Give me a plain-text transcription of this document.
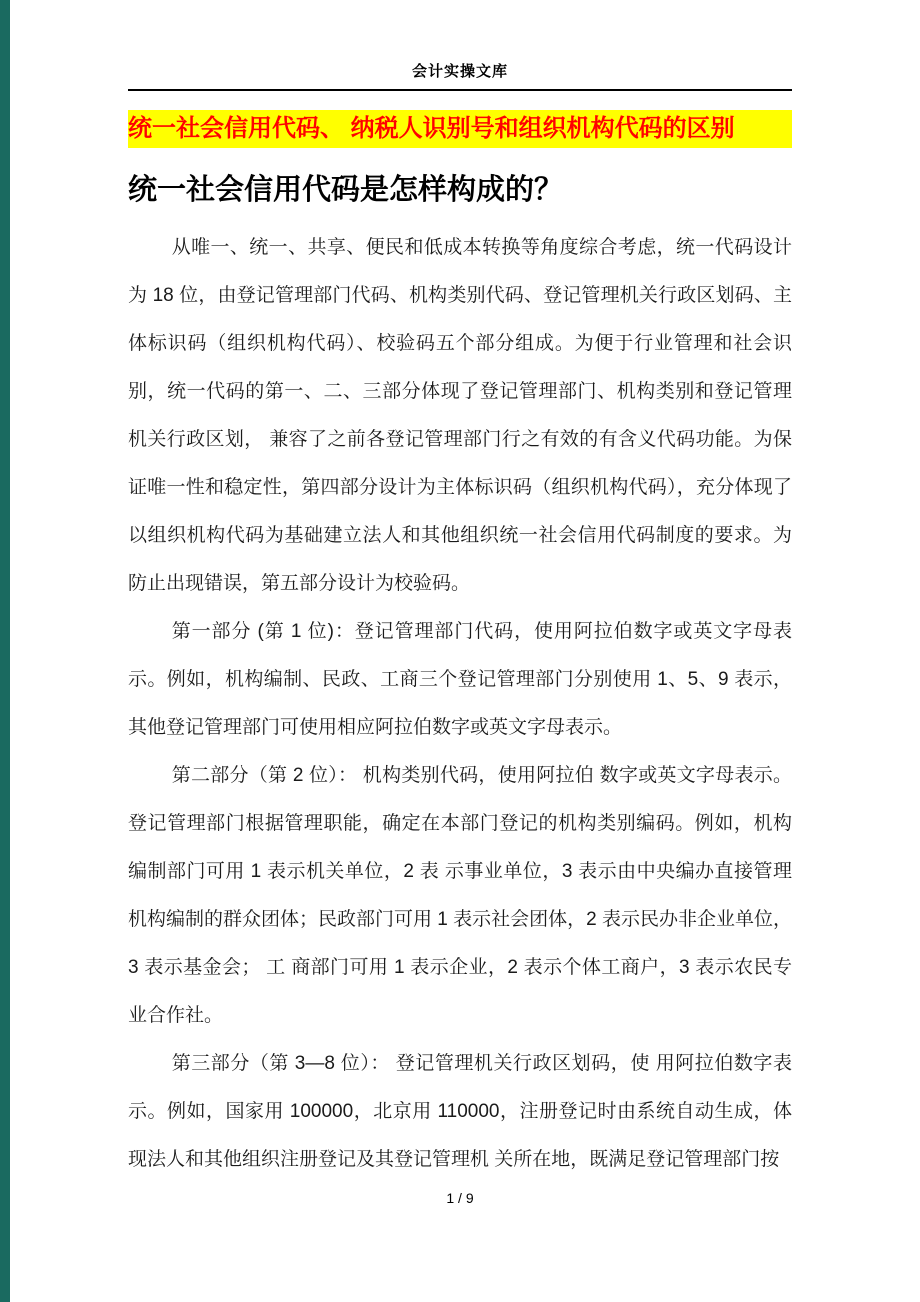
会计实操文库
统一社会信用代码、 纳税人识别号和组织机构代码的区别
统一社会信用代码是怎样构成的？

从唯一、统一、共享、便民和低成本转换等角度综合考虑，统一代码设计为 18 位，由登记管理部门代码、机构类别代码、登记管理机关行政区划码、主体标识码（组织机构代码）、校验码五个部分组成。为便于行业管理和社会识别，统一代码的第一、二、三部分体现了登记管理部门、机构类别和登记管理机关行政区划， 兼容了之前各登记管理部门行之有效的有含义代码功能。为保证唯一性和稳定性，第四部分设计为主体标识码（组织机构代码），充分体现了以组织机构代码为基础建立法人和其他组织统一社会信用代码制度的要求。为防止出现错误，第五部分设计为校验码。

第一部分 (第 1 位)：登记管理部门代码，使用阿拉伯数字或英文字母表示。例如，机构编制、民政、工商三个登记管理部门分别使用 1、5、9 表示，其他登记管理部门可使用相应阿拉伯数字或英文字母表示。

第二部分（第 2 位）： 机构类别代码，使用阿拉伯 数字或英文字母表示。登记管理部门根据管理职能，确定在本部门登记的机构类别编码。例如，机构编制部门可用 1 表示机关单位，2 表 示事业单位，3 表示由中央编办直接管理机构编制的群众团体；民政部门可用 1 表示社会团体，2 表示民办非企业单位，3 表示基金会； 工 商部门可用 1 表示企业，2 表示个体工商户，3 表示农民专业合作社。

第三部分（第 3—8 位）： 登记管理机关行政区划码，使 用阿拉伯数字表示。例如，国家用 100000，北京用 110000，注册登记时由系统自动生成，体现法人和其他组织注册登记及其登记管理机 关所在地，既满足登记管理部门按

1 / 9
